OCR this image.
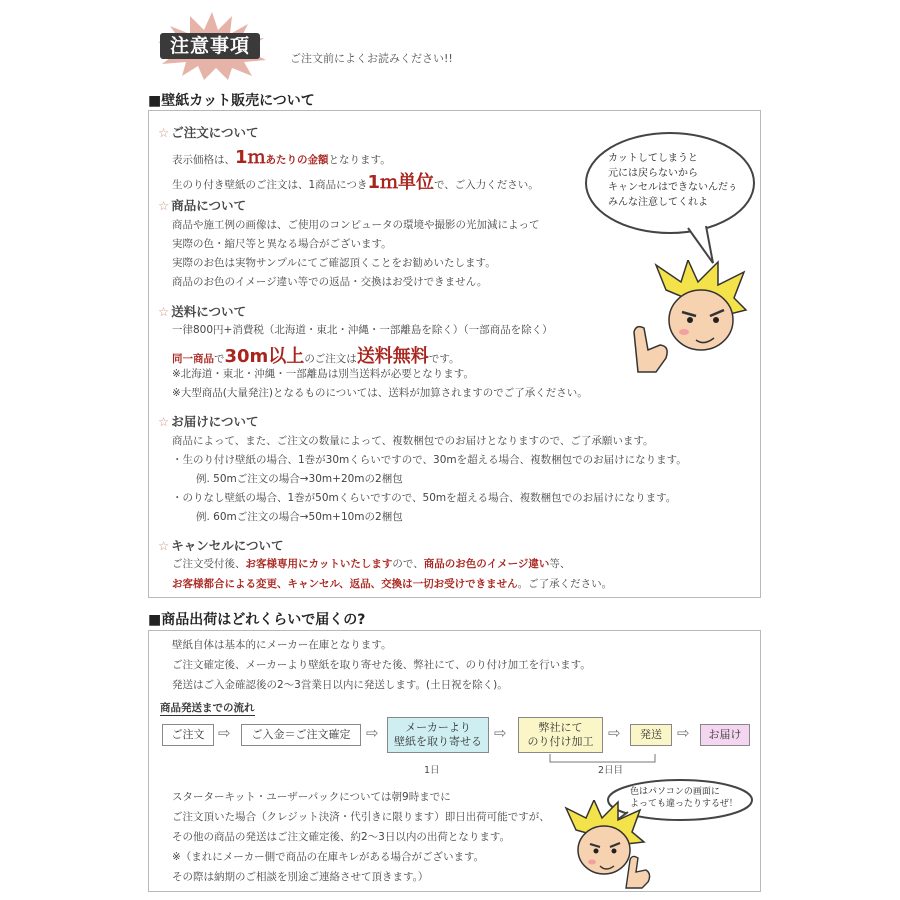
注意事項
ご注文前によくお読みください!!
■壁紙カット販売について
☆ ご注文について
表示価格は、1ｍあたりの金額となります。
生のり付き壁紙のご注文は、1商品につき1ｍ単位で、ご入力ください。
☆ 商品について
商品や施工例の画像は、ご使用のコンピュータの環境や撮影の光加減によって
実際の色・縮尺等と異なる場合がございます。
実際のお色は実物サンプルにてご確認頂くことをお勧めいたします。
商品のお色のイメージ違い等での返品・交換はお受けできません。
☆ 送料について
一律800円+消費税（北海道・東北・沖縄・一部離島を除く）（一部商品を除く）
同一商品で30m以上のご注文は送料無料です。
※北海道・東北・沖縄・一部離島は別当送料が必要となります。
※大型商品(大量発注)となるものについては、送料が加算されますのでご了承ください。
☆ お届けについて
商品によって、また、ご注文の数量によって、複数梱包でのお届けとなりますので、ご了承願います。
・生のり付け壁紙の場合、1巻が30mくらいですので、30mを超える場合、複数梱包でのお届けになります。
例. 50mご注文の場合→30m+20mの2梱包
・のりなし壁紙の場合、1巻が50mくらいですので、50mを超える場合、複数梱包でのお届けになります。
例. 60mご注文の場合→50m+10mの2梱包
☆ キャンセルについて
ご注文受付後、お客様専用にカットいたしますので、商品のお色のイメージ違い等、
お客様都合による変更、キャンセル、返品、交換は一切お受けできません。ご了承ください。
カットしてしまうと
元には戻らないから
キャンセルはできないんだぅ
みんな注意してくれよ
■商品出荷はどれくらいで届くの?
壁紙自体は基本的にメーカー在庫となります。
ご注文確定後、メーカーより壁紙を取り寄せた後、弊社にて、のり付け加工を行います。
発送はご入金確認後の2～3営業日以内に発送します。(土日祝を除く)。
商品発送までの流れ
ご注文 ⇨	ご入金＝ご注文確定	⇨	メーカーより
壁紙を取り寄せる ⇨	弊社にて
のり付け加工 ⇨	発送	⇨	お届け
1日	2日目
スターターキット・ユーザーパックについては朝9時までに
ご注文頂いた場合（クレジット決済・代引きに限ります）即日出荷可能ですが、
その他の商品の発送はご注文確定後、約2～3日以内の出荷となります。
※（まれにメーカー側で商品の在庫キレがある場合がございます。
その際は納期のご相談を別途ご連絡させて頂きます。）
色はパソコンの画面に
よっても違ったりするぜ！
